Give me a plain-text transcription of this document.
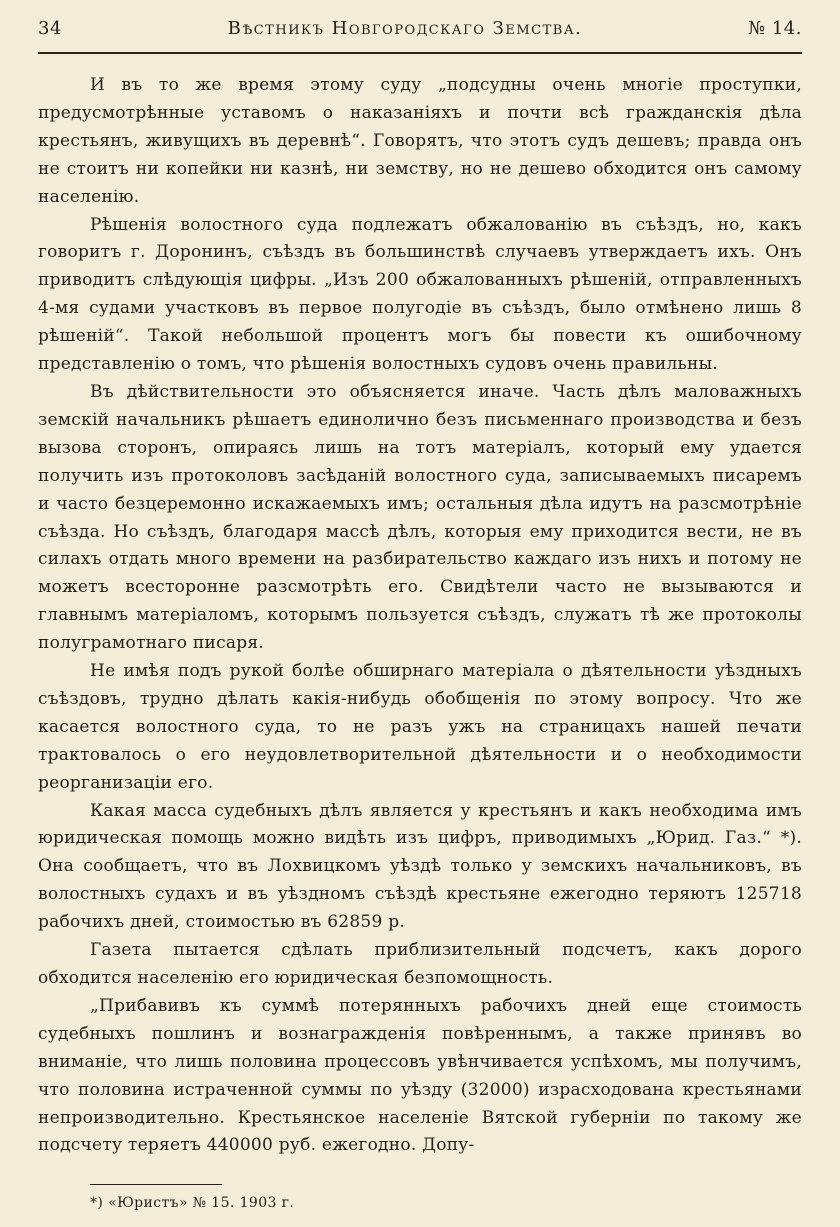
34	Вѣстникъ Новгородскаго Земства.	№ 14.

И въ то же время этому суду „подсудны очень многіе проступки, предусмотрѣнные уставомъ о наказаніяхъ и почти всѣ гражданскія дѣла крестьянъ, живущихъ въ деревнѣ“. Говорятъ, что этотъ судъ дешевъ; правда онъ не стоитъ ни копейки ни казнѣ, ни земству, но не дешево обходится онъ самому населенію.

Рѣшенія волостного суда подлежатъ обжалованію въ съѣздъ, но, какъ говоритъ г. Доронинъ, съѣздъ въ большинствѣ случаевъ утверждаетъ ихъ. Онъ приводитъ слѣдующія цифры. „Изъ 200 обжалованныхъ рѣшеній, отправленныхъ 4-мя судами участковъ въ первое полугодіе въ съѣздъ, было отмѣнено лишь 8 рѣшеній“. Такой небольшой процентъ могъ бы повести къ ошибочному представленію о томъ, что рѣшенія волостныхъ судовъ очень правильны.

Въ дѣйствительности это объясняется иначе. Часть дѣлъ маловажныхъ земскій начальникъ рѣшаетъ единолично безъ письменнаго производства и безъ вызова сторонъ, опираясь лишь на тотъ матеріалъ, который ему удается получить изъ протоколовъ засѣданій волостного суда, записываемыхъ писаремъ и часто безцеремонно искажаемыхъ имъ; остальныя дѣла идутъ на разсмотрѣніе съѣзда. Но съѣздъ, благодаря массѣ дѣлъ, которыя ему приходится вести, не въ силахъ отдать много времени на разбирательство каждаго изъ нихъ и потому не можетъ всесторонне разсмотрѣть его. Свидѣтели часто не вызываются и главнымъ матеріаломъ, которымъ пользуется съѣздъ, служатъ тѣ же протоколы полуграмотнаго писаря.

Не имѣя подъ рукой болѣе обширнаго матеріала о дѣятельности уѣздныхъ съѣздовъ, трудно дѣлать какія-нибудь обобщенія по этому вопросу. Что же касается волостного суда, то не разъ ужъ на страницахъ нашей печати трактовалось о его неудовлетворительной дѣятельности и о необходимости реорганизаціи его.

Какая масса судебныхъ дѣлъ является у крестьянъ и какъ необходима имъ юридическая помощь можно видѣть изъ цифръ, приводимыхъ „Юрид. Газ.“ *). Она сообщаетъ, что въ Лохвицкомъ уѣздѣ только у земскихъ начальниковъ, въ волостныхъ судахъ и въ уѣздномъ съѣздѣ крестьяне ежегодно теряютъ 125718 рабочихъ дней, стоимостью въ 62859 р.

Газета пытается сдѣлать приблизительный подсчетъ, какъ дорого обходится населенію его юридическая безпомощность.

„Прибавивъ къ суммѣ потерянныхъ рабочихъ дней еще стоимость судебныхъ пошлинъ и вознагражденія повѣреннымъ, а также принявъ во вниманіе, что лишь половина процессовъ увѣнчивается успѣхомъ, мы получимъ, что половина истраченной суммы по уѣзду (32000) израсходована крестьянами непроизводительно. Крестьянское населеніе Вятской губерніи по такому же подсчету теряетъ 440000 руб. ежегодно. Допу-

*) «Юристъ» № 15. 1903 г.
